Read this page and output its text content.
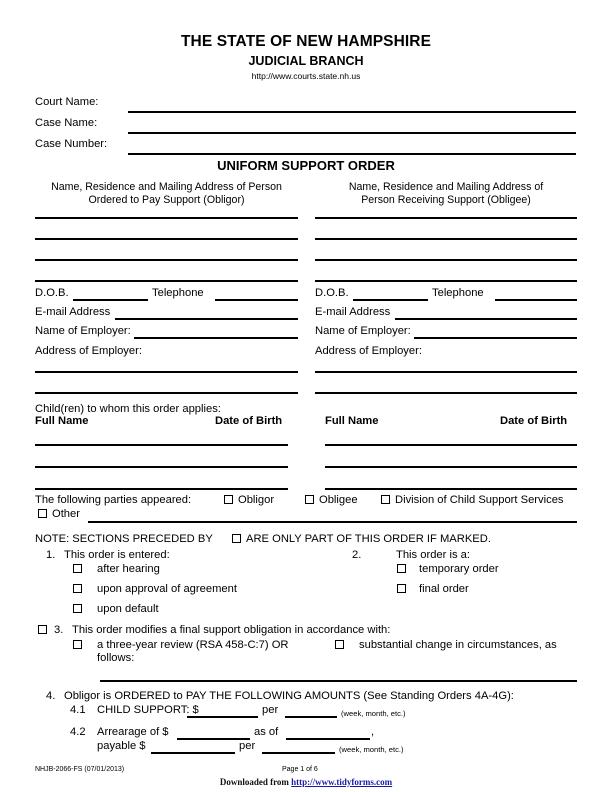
THE STATE OF NEW HAMPSHIRE
JUDICIAL BRANCH
http://www.courts.state.nh.us
Court Name:
Case Name:
Case Number:
UNIFORM SUPPORT ORDER
Name, Residence and Mailing Address of Person
Ordered to Pay Support (Obligor)
Name, Residence and Mailing Address of
Person Receiving Support (Obligee)
D.O.B.	Telephone
E-mail Address
Name of Employer:
Address of Employer:
D.O.B.	Telephone
E-mail Address
Name of Employer:
Address of Employer:
Child(ren) to whom this order applies:
Full Name	Date of Birth	Full Name	Date of Birth
The following parties appeared:	Obligor	Obligee	Division of Child Support Services
Other
NOTE: SECTIONS PRECEDED BY	ARE ONLY PART OF THIS ORDER IF MARKED.
1. This order is entered:
after hearing
upon approval of agreement
upon default
2.	This order is a:
temporary order
final order
3. This order modifies a final support obligation in accordance with:
a three-year review (RSA 458-C:7) OR	substantial change in circumstances, as
follows:
4. Obligor is ORDERED to PAY THE FOLLOWING AMOUNTS (See Standing Orders 4A-4G):
4.1 CHILD SUPPORT: $	per	(week, month, etc.)
4.2 Arrearage of $	as of	,
payable $	per	(week, month, etc.)
NHJB-2066-FS (07/01/2013)	Page 1 of 6
Downloaded from http://www.tidyforms.com
